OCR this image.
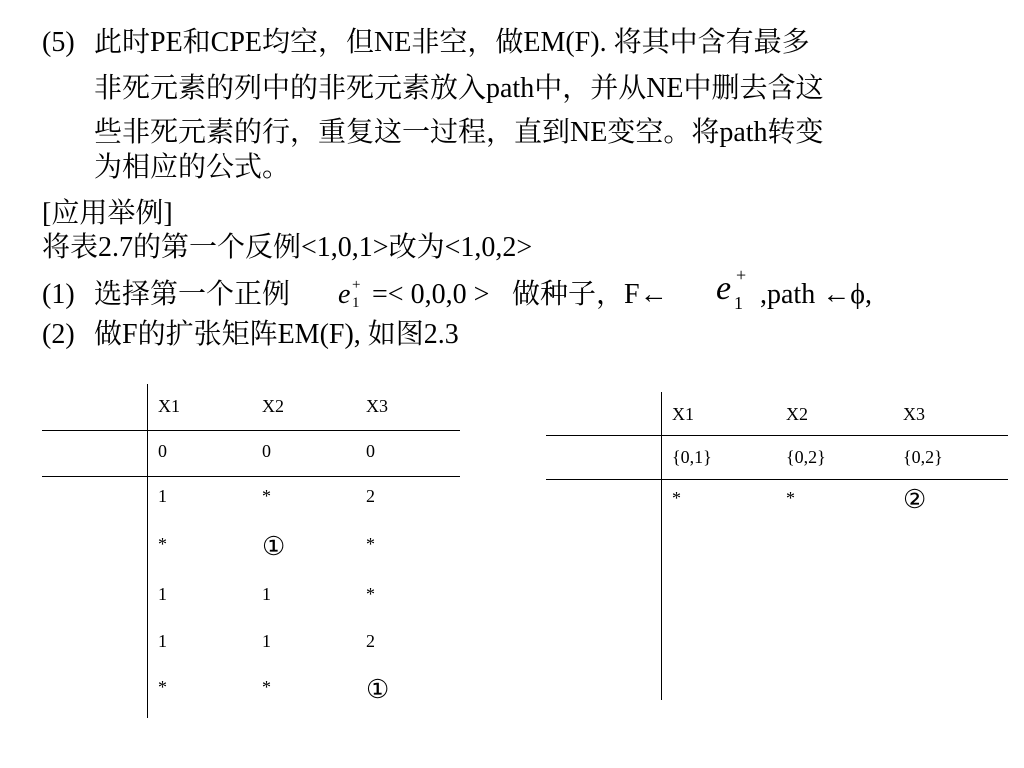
(5) 此时PE和CPE均空，但NE非空，做EM(F). 将其中含有最多
非死元素的列中的非死元素放入path中，并从NE中删去含这
些非死元素的行，重复这一过程，直到NE变空。将path转变
为相应的公式。
[应用举例]
将表2.7的第一个反例<1,0,1>改为<1,0,2>
(1) 选择第一个正例 e +
1 =< 0,0,0 > 做种子，F← e +
1 ,path ←ϕ,
(2) 做F的扩张矩阵EM(F), 如图2.3
X1	X2	X3
0	0	0
1	*	2
*	①	*
1	1	*
1	1	2
*	*	①
X1	X2	X3
{0,1}	{0,2}	{0,2}
*	*	②
